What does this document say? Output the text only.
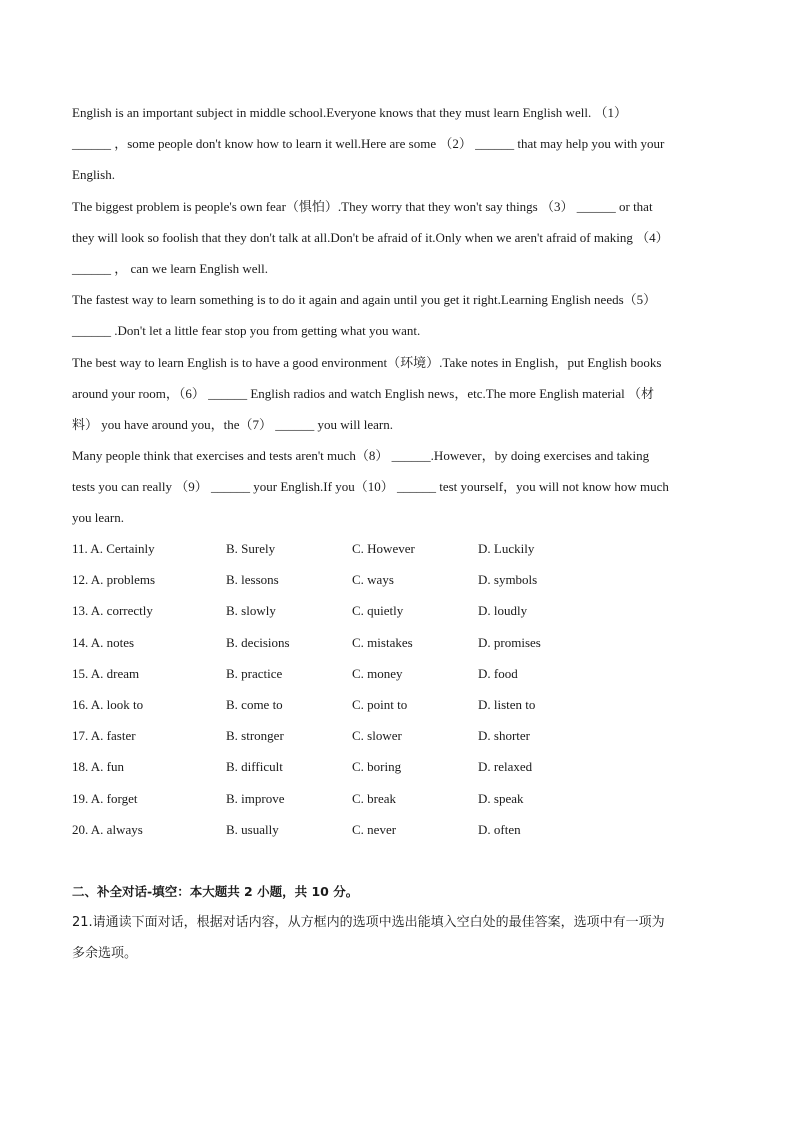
English is an important subject in middle school.Everyone knows that they must learn English well. （1）
______ ，some people don't know how to learn it well.Here are some （2） ______ that may help you with your
English.
The biggest problem is people's own fear（惧怕）.They worry that they won't say things （3） ______ or that
they will look so foolish that they don't talk at all.Don't be afraid of it.Only when we aren't afraid of making （4）
______ ， can we learn English well.
The fastest way to learn something is to do it again and again until you get it right.Learning English needs（5）
______ .Don't let a little fear stop you from getting what you want.
The best way to learn English is to have a good environment（环境）.Take notes in English，put English books
around your room，（6） ______ English radios and watch English news，etc.The more English material （材
料） you have around you，the（7） ______ you will learn.
Many people think that exercises and tests aren't much（8） ______.However，by doing exercises and taking
tests you can really （9） ______ your English.If you（10） ______ test yourself，you will not know how much
you learn.
11. A. Certainly	B. Surely	C. However	D. Luckily
12. A. problems	B. lessons	C. ways	D. symbols
13. A. correctly	B. slowly	C. quietly	D. loudly
14. A. notes	B. decisions	C. mistakes	D. promises
15. A. dream	B. practice	C. money	D. food
16. A. look to	B. come to	C. point to	D. listen to
17. A. faster	B. stronger	C. slower	D. shorter
18. A. fun	B. difficult	C. boring	D. relaxed
19. A. forget	B. improve	C. break	D. speak
20. A. always	B. usually	C. never	D. often
二、补全对话-填空：本大题共 2 小题，共 10 分。
21.请通读下面对话，根据对话内容，从方框内的选项中选出能填入空白处的最佳答案，选项中有一项为
多余选项。
